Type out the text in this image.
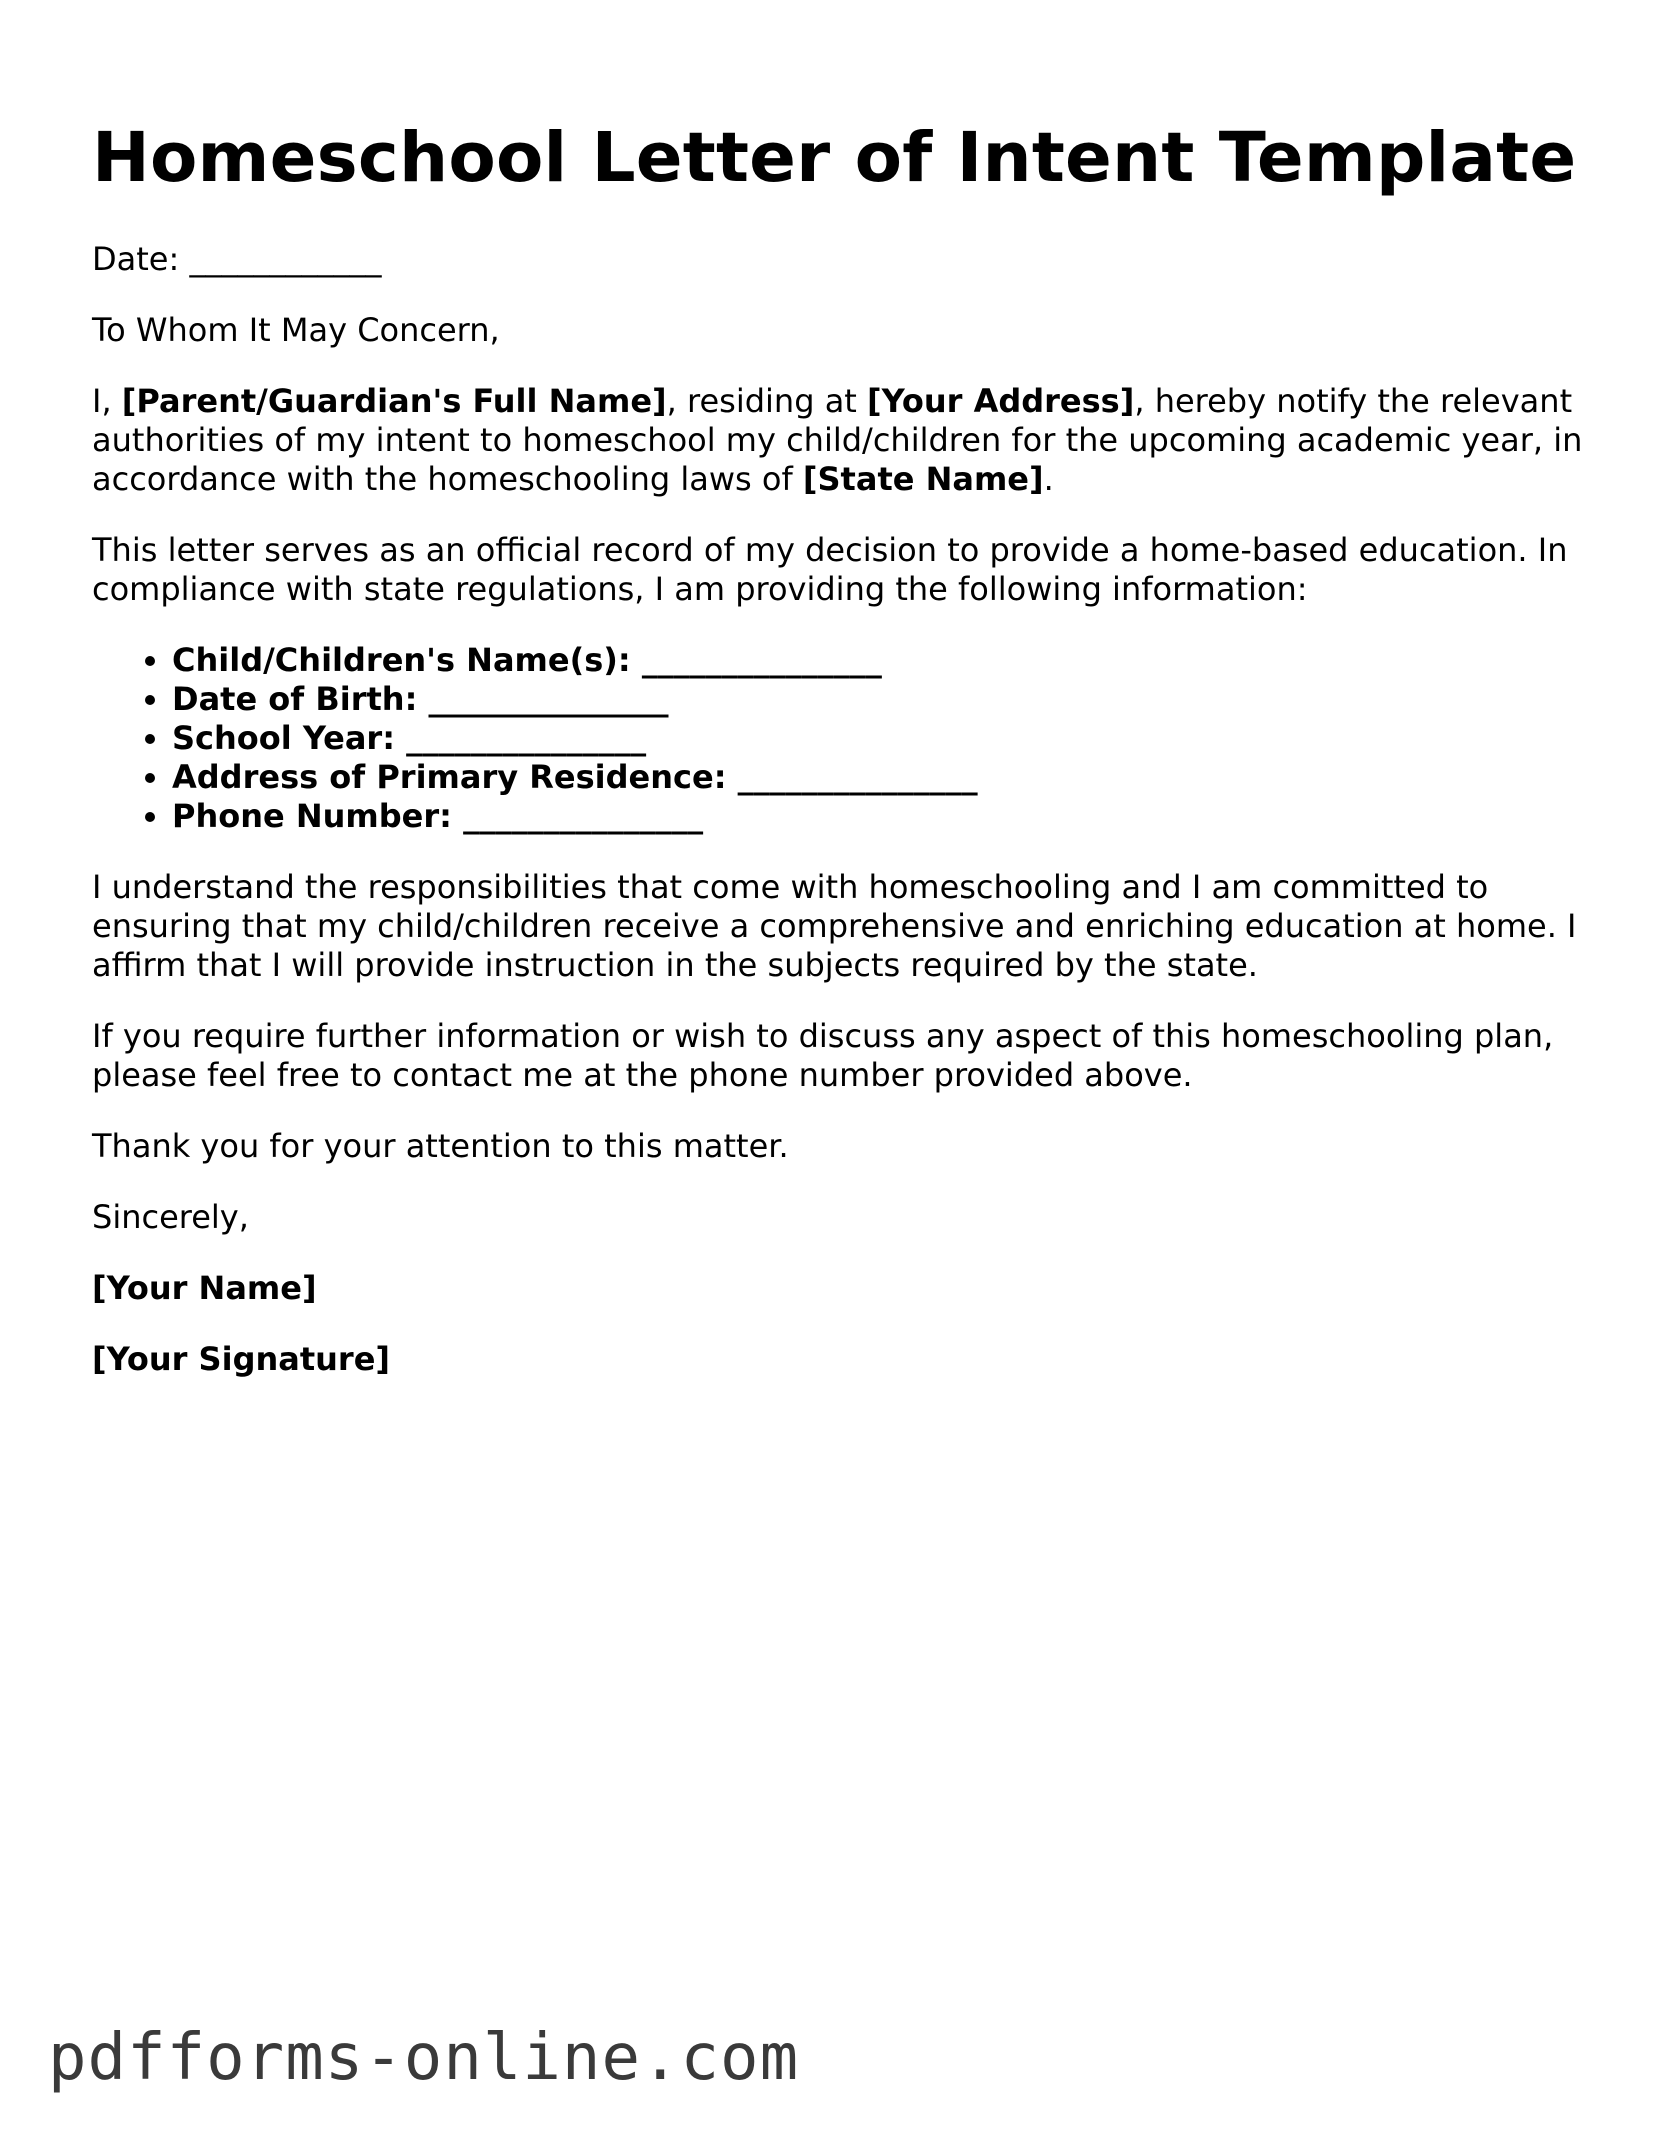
Homeschool Letter of Intent Template

Date: ____________

To Whom It May Concern,

I, [Parent/Guardian's Full Name], residing at [Your Address], hereby notify the relevant authorities of my intent to homeschool my child/children for the upcoming academic year, in accordance with the homeschooling laws of [State Name].

This letter serves as an official record of my decision to provide a home-based education. In compliance with state regulations, I am providing the following information:

• Child/Children's Name(s): _______________
• Date of Birth: _______________
• School Year: _______________
• Address of Primary Residence: _______________
• Phone Number: _______________

I understand the responsibilities that come with homeschooling and I am committed to ensuring that my child/children receive a comprehensive and enriching education at home. I affirm that I will provide instruction in the subjects required by the state.

If you require further information or wish to discuss any aspect of this homeschooling plan, please feel free to contact me at the phone number provided above.

Thank you for your attention to this matter.

Sincerely,

[Your Name]

[Your Signature]

pdfforms-online.com
